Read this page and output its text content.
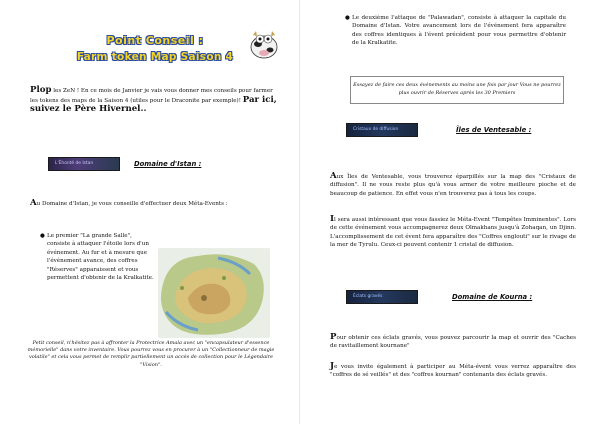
Point Conseil :
Farm token Map Saison 4
Plop les ZeN ! En ce mois de Janvier je vais vous donner mes conseils pour farmer les tokens des maps de la Saison 4 (utiles pour le Draconite par exemple)! Par ici, suivez le Père Hivernel..
L'Éhonté de Istan	Domaine d'Istan :
Au Domaine d'Istan, je vous conseille d'effectuer deux Méta-Events :
● Le premier "La grande Salle", consiste à attaquer l'étoile lors d'un événement. Au fur et à mesure que l'événement avance, des coffres "Réserves" apparaissent et vous permettent d'obtenir de la Kralkatite.
Petit conseil, n'hésitez pas à affronter la Protectrice Amala avec un "encapsulateur d'essence mémorielle" dans votre inventaire. Vous pourrez vous en procurer à un "Collectionneur de magie volatile" et cela vous permet de remplir partiellement un accès de collection pour le Légendaire "Vision".
● Le deuxième l'attaque de "Palawadan", consiste à attaquer la capitale du Domaine d'Istan. Votre avancement lors de l'événement fera apparaître des coffres identiques à l'évent précédent pour vous permettre d'obtenir de la Kralkatite.
Essayez de faire ces deux événements au moins une fois par jour Vous ne pourrez plus ouvrir de Réserves après les 30 Premiers
Cristaux de diffusion	Îles de Ventesable :
Aux Îles de Ventesable, vous trouverez éparpillés sur la map des "Cristaux de diffusion". Il ne vous reste plus qu'à vous armer de votre meilleure pioche et de beaucoup de patience. En effet vous n'en trouverez pas à tous les coups.
Il sera aussi intéressant que vous fassiez le Méta-Event "Tempêtes Imminentes". Lors de cette événement vous accompagnerez deux Olmakhans jusqu'à Zohaqan, un Djinn. L'accomplissement de cet évent fera apparaître des "Coffres englouti" sur le rivage de la mer de Tyrulu. Ceux-ci peuvent contenir 1 cristal de diffusion.
Éclats gravés	Domaine de Kourna :
Pour obtenir ces éclats gravés, vous pouvez parcourir la map et ouvrir des "Caches de ravitaillement kournane"
Je vous invite également à participer au Méta-évent vous verrez apparaître des "coffres de sé veillés" et des "coffres kournan" contenants des éclats gravés.
